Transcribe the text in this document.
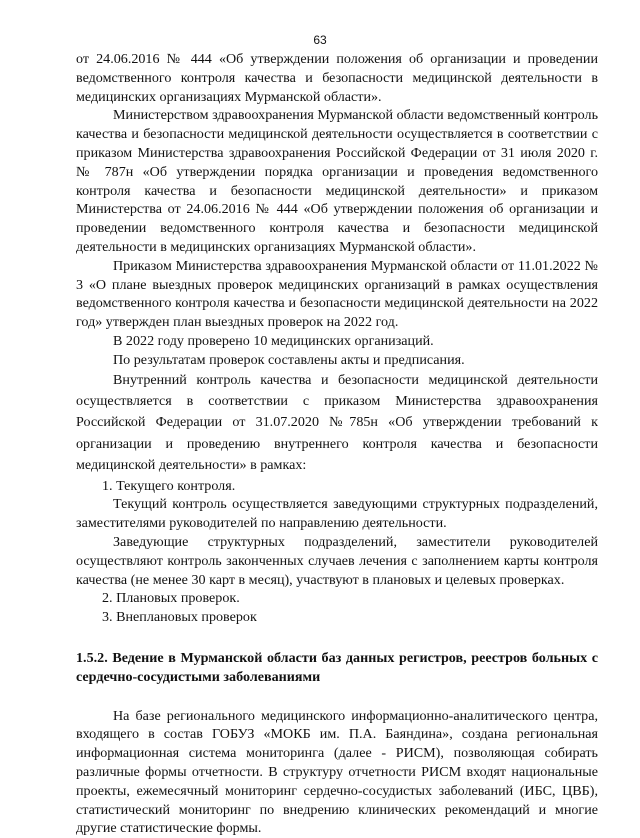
63

от 24.06.2016 № 444 «Об утверждении положения об организации и проведении ведомственного контроля качества и безопасности медицинской деятельности в медицинских организациях Мурманской области».

Министерством здравоохранения Мурманской области ведомственный контроль качества и безопасности медицинской деятельности осуществляется в соответствии с приказом Министерства здравоохранения Российской Федерации от 31 июля 2020 г. № 787н «Об утверждении порядка организации и проведения ведомственного контроля качества и безопасности медицинской деятельности» и приказом Министерства от 24.06.2016 № 444 «Об утверждении положения об организации и проведении ведомственного контроля качества и безопасности медицинской деятельности в медицинских организациях Мурманской области».

Приказом Министерства здравоохранения Мурманской области от 11.01.2022 № 3 «О плане выездных проверок медицинских организаций в рамках осуществления ведомственного контроля качества и безопасности медицинской деятельности на 2022 год» утвержден план выездных проверок на 2022 год.

В 2022 году проверено 10 медицинских организаций.

По результатам проверок составлены акты и предписания.

Внутренний контроль качества и безопасности медицинской деятельности осуществляется в соответствии с приказом Министерства здравоохранения Российской Федерации от 31.07.2020 №785н «Об утверждении требований к организации и проведению внутреннего контроля качества и безопасности медицинской деятельности» в рамках:

1. Текущего контроля.

Текущий контроль осуществляется заведующими структурных подразделений, заместителями руководителей по направлению деятельности.

Заведующие структурных подразделений, заместители руководителей осуществляют контроль законченных случаев лечения с заполнением карты контроля качества (не менее 30 карт в месяц), участвуют в плановых и целевых проверках.

2. Плановых проверок.

3. Внеплановых проверок

1.5.2. Ведение в Мурманской области баз данных регистров, реестров больных с сердечно-сосудистыми заболеваниями

На базе регионального медицинского информационно-аналитического центра, входящего в состав ГОБУЗ «МОКБ им. П.А. Баяндина», создана региональная информационная система мониторинга (далее - РИСМ), позволяющая собирать различные формы отчетности. В структуру отчетности РИСМ входят национальные проекты, ежемесячный мониторинг сердечно-сосудистых заболеваний (ИБС, ЦВБ), статистический мониторинг по внедрению клинических рекомендаций и многие другие статистические формы.
